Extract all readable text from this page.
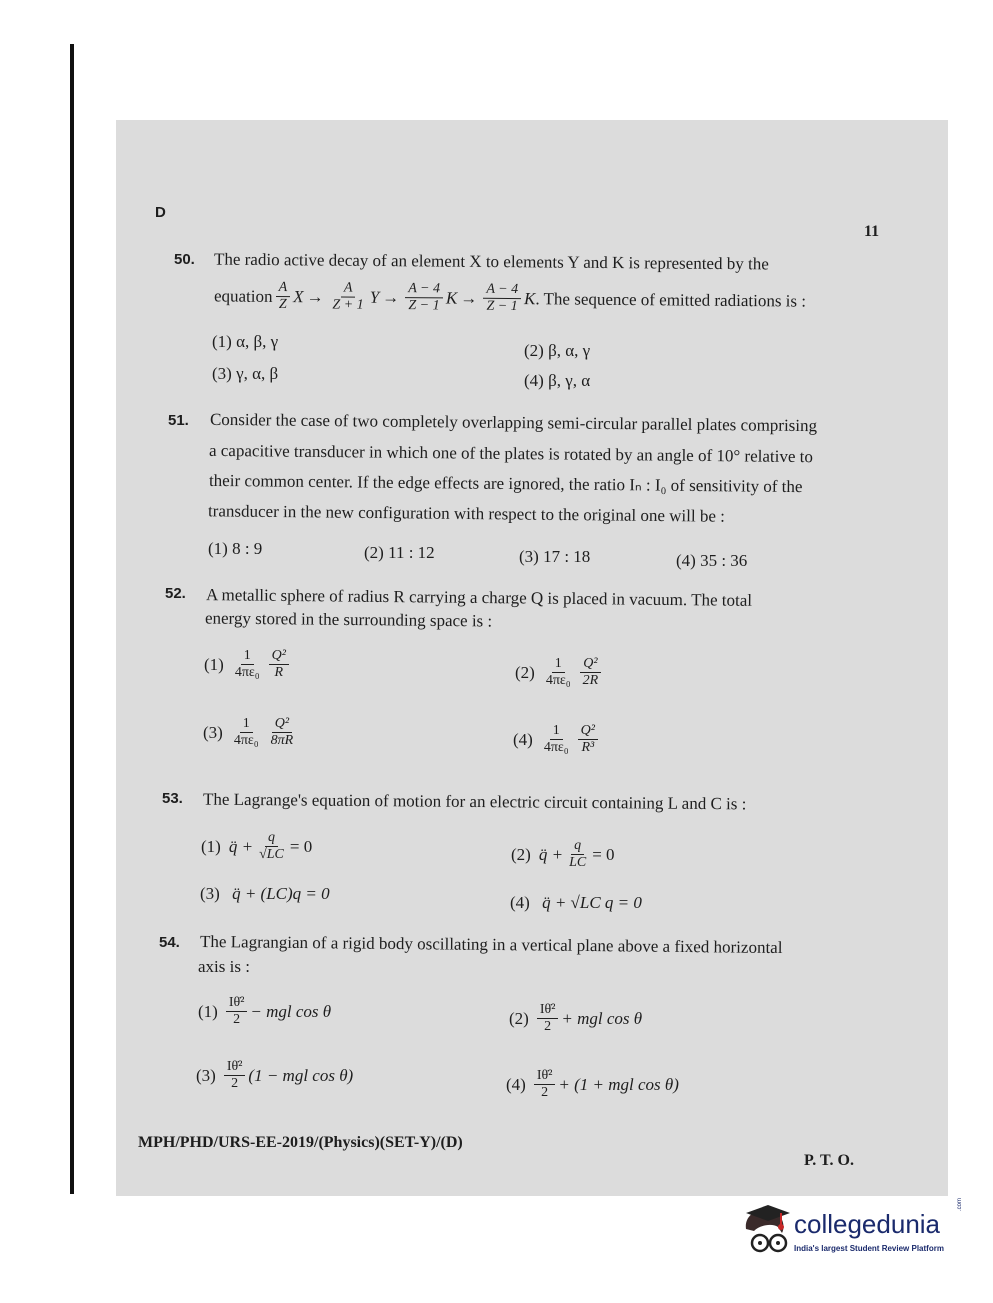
D
11
50. The radio active decay of an element X to elements Y and K is represented by the
equation $\frac{A}{Z}$ $X \to \frac{A}{Z + 1}$ $Y \to \frac{A - 4}{Z - 1}$ $K \to \frac{A - 4}{Z - 1}$ K . The sequence of emitted radiations is :
(1) α, β, γ	(2) β, α, γ
(3) γ, α, β	(4) β, γ, α
51. Consider the case of two completely overlapping semi-circular parallel plates comprising
a capacitive transducer in which one of the plates is rotated by an angle of 10° relative to
their common center. If the edge effects are ignored, the ratio Iₙ : I₀ of sensitivity of the
transducer in the new configuration with respect to the original one will be :
(1) 8 : 9	(2) 11 : 12	(3) 17 : 18	(4) 35 : 36
52. A metallic sphere of radius R carrying a charge Q is placed in vacuum. The total
energy stored in the surrounding space is :
$(1) \frac{1}{\text{4πε₀}} \frac{\text{Q²}}{R}$	$(2) \frac{1}{\text{4πε₀}} \frac{\text{Q²}}{2R}$
$(3) \frac{1}{\text{4πε₀}} \frac{\text{Q²}}{8\pi R}$	$(4) \frac{1}{\text{4πε₀}} \frac{\text{Q²}}{\text{R³}}$
53. The Lagrange's equation of motion for an electric circuit containing L and C is :
(1) q̈ + $\frac{q}{√LC} = 0$	(2) q̈ + $\frac{q}{LC} = 0$
(3) q̈ + (LC)q = 0	(4) q̈ + √LC q = 0
54. The Lagrangian of a rigid body oscillating in a vertical plane above a fixed horizontal
axis is :
$(1) \frac{\text{Iθ̇²}}{2}$ − mgl cos θ	$(2) \frac{\text{Iθ̇²}}{2}$ + mgl cos θ
$(3) \frac{\text{Iθ̇²}}{2} (1$ − mgl cos θ)	$(4) \frac{\text{Iθ̇²}}{2} + (1$ + mgl cos θ)
MPH/PHD/URS-EE-2019/(Physics)(SET-Y)/(D)
P. T. O.
collegedunia
.com
India's largest Student Review Platform
